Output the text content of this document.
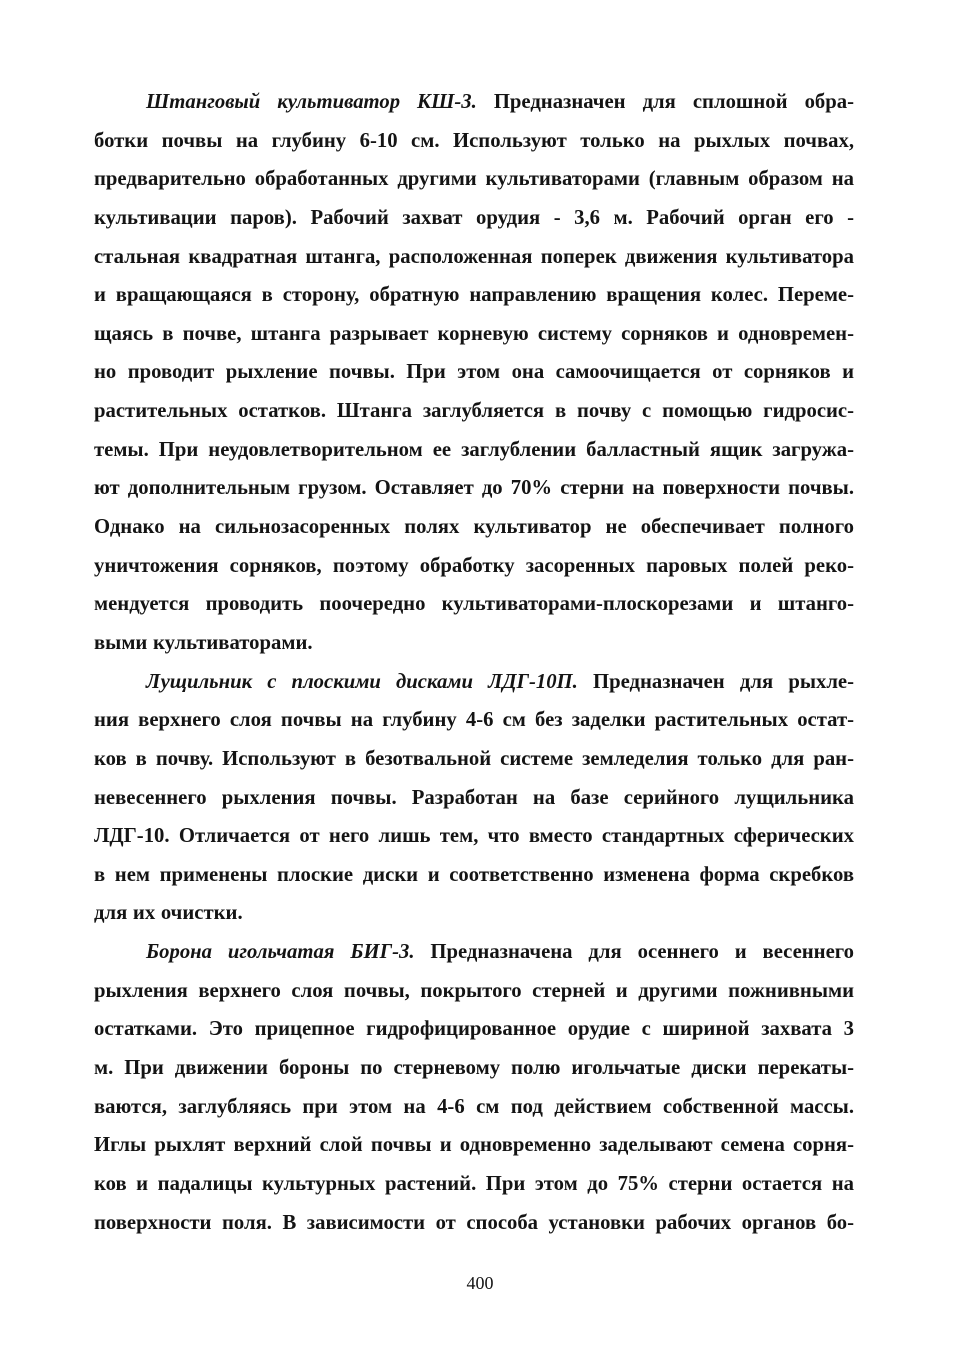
Штанговый культиватор КШ-3. Предназначен для сплошной обра-
ботки почвы на глубину 6-10 см. Используют только на рыхлых почвах,
предварительно обработанных другими культиваторами (главным образом на
культивации паров). Рабочий захват орудия - 3,6 м. Рабочий орган его -
стальная квадратная штанга, расположенная поперек движения культиватора
и вращающаяся в сторону, обратную направлению вращения колес. Переме-
щаясь в почве, штанга разрывает корневую систему сорняков и одновремен-
но проводит рыхление почвы. При этом она самоочищается от сорняков и
растительных остатков. Штанга заглубляется в почву с помощью гидросис-
темы. При неудовлетворительном ее заглублении балластный ящик загружа-
ют дополнительным грузом. Оставляет до 70% стерни на поверхности почвы.
Однако на сильнозасоренных полях культиватор не обеспечивает полного
уничтожения сорняков, поэтому обработку засоренных паровых полей реко-
мендуется проводить поочередно культиваторами-плоскорезами и штанго-
выми культиваторами.
Лущильник с плоскими дисками ЛДГ-10П. Предназначен для рыхле-
ния верхнего слоя почвы на глубину 4-6 см без заделки растительных остат-
ков в почву. Используют в безотвальной системе земледелия только для ран-
невесеннего рыхления почвы. Разработан на базе серийного лущильника
ЛДГ-10. Отличается от него лишь тем, что вместо стандартных сферических
в нем применены плоские диски и соответственно изменена форма скребков
для их очистки.
Борона игольчатая БИГ-3. Предназначена для осеннего и весеннего
рыхления верхнего слоя почвы, покрытого стерней и другими пожнивными
остатками. Это прицепное гидрофицированное орудие с шириной захвата 3
м. При движении бороны по стерневому полю игольчатые диски перекаты-
ваются, заглубляясь при этом на 4-6 см под действием собственной массы.
Иглы рыхлят верхний слой почвы и одновременно заделывают семена сорня-
ков и падалицы культурных растений. При этом до 75% стерни остается на
поверхности поля. В зависимости от способа установки рабочих органов бо-
400
